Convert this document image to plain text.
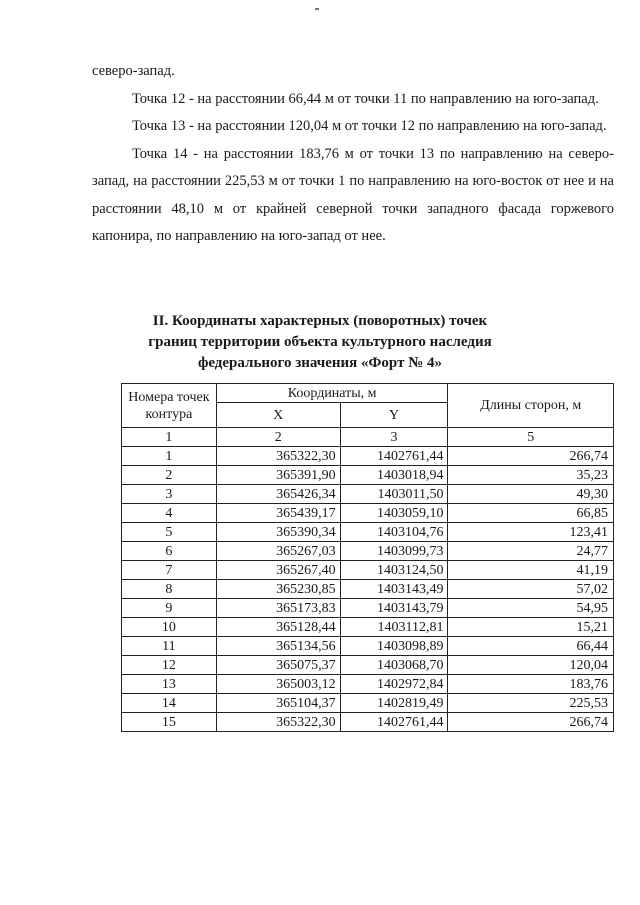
северо-запад.

Точка 12 - на расстоянии 66,44 м от точки 11 по направлению на юго-запад.

Точка 13 - на расстоянии 120,04 м от точки 12 по направлению на юго-запад.

Точка 14 - на расстоянии 183,76 м от точки 13 по направлению на северо-запад, на расстоянии 225,53 м от точки 1 по направлению на юго-восток от нее и на расстоянии 48,10 м от крайней северной точки западного фасада горжевого капонира, по направлению на юго-запад от нее.

II. Координаты характерных (поворотных) точек
границ территории объекта культурного наследия
федерального значения «Форт № 4»
Номера точек контура	Координаты, м		Длины сторон, м
	X	Y	
1	2	3	5
1	365322,30	1402761,44	266,74
2	365391,90	1403018,94	35,23
3	365426,34	1403011,50	49,30
4	365439,17	1403059,10	66,85
5	365390,34	1403104,76	123,41
6	365267,03	1403099,73	24,77
7	365267,40	1403124,50	41,19
8	365230,85	1403143,49	57,02
9	365173,83	1403143,79	54,95
10	365128,44	1403112,81	15,21
11	365134,56	1403098,89	66,44
12	365075,37	1403068,70	120,04
13	365003,12	1402972,84	183,76
14	365104,37	1402819,49	225,53
15	365322,30	1402761,44	266,74
